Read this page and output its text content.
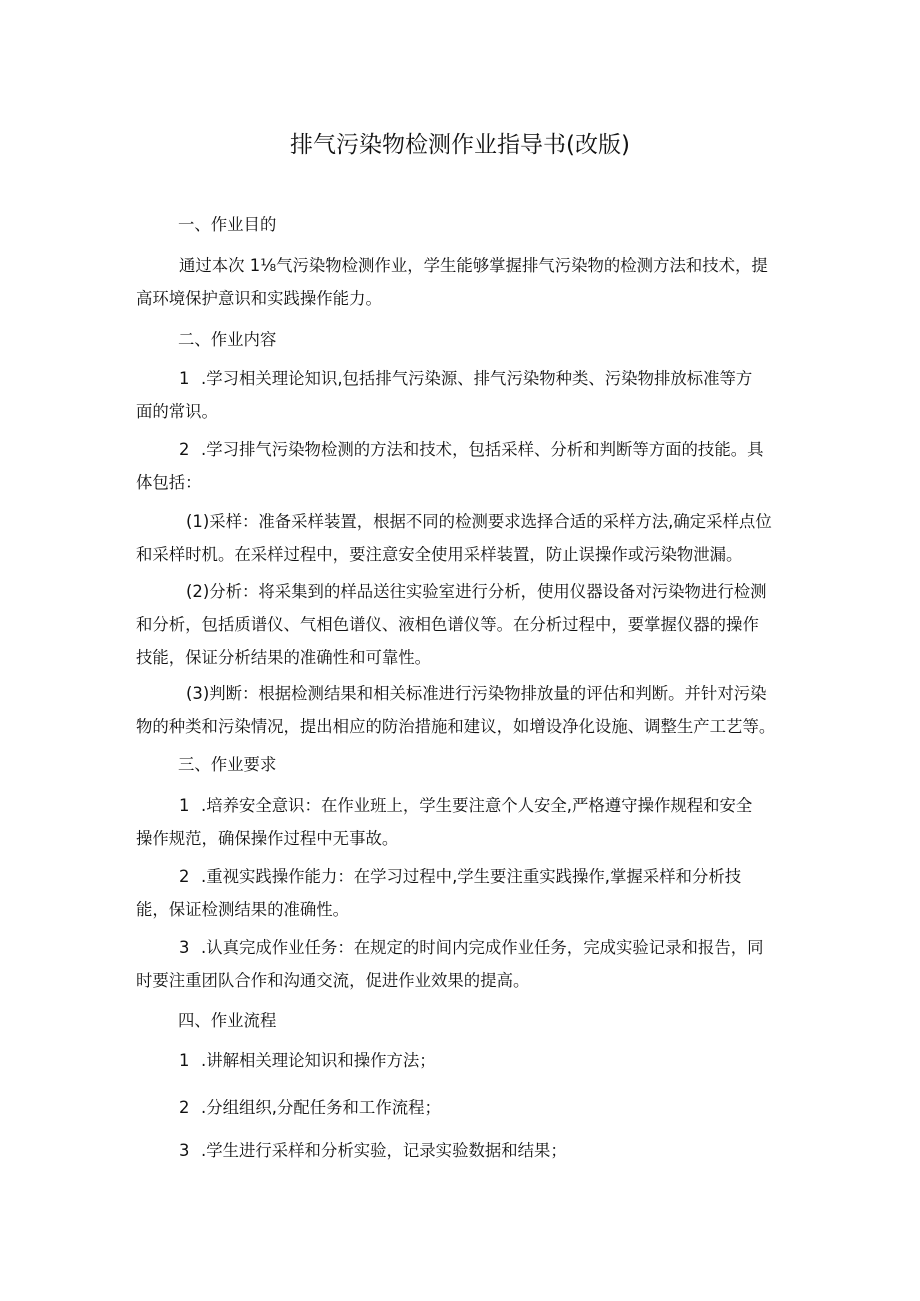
排气污染物检测作业指导书(改版)
一、作业目的

通过本次 1⅛气污染物检测作业，学生能够掌握排气污染物的检测方法和技术，提

高环境保护意识和实践操作能力。

二、作业内容

1 .学习相关理论知识,包括排气污染源、排气污染物种类、污染物排放标准等方

面的常识。

2 .学习排气污染物检测的方法和技术，包括采样、分析和判断等方面的技能。具

体包括：

(1)采样：准备采样装置，根据不同的检测要求选择合适的采样方法,确定采样点位

和采样时机。在采样过程中，要注意安全使用采样装置，防止误操作或污染物泄漏。

(2)分析：将采集到的样品送往实验室进行分析，使用仪器设备对污染物进行检测

和分析，包括质谱仪、气相色谱仪、液相色谱仪等。在分析过程中，要掌握仪器的操作

技能，保证分析结果的准确性和可靠性。

(3)判断：根据检测结果和相关标准进行污染物排放量的评估和判断。并针对污染

物的种类和污染情况，提出相应的防治措施和建议，如增设净化设施、调整生产工艺等。

三、作业要求

1 .培养安全意识：在作业班上，学生要注意个人安全,严格遵守操作规程和安全

操作规范，确保操作过程中无事故。

2 .重视实践操作能力：在学习过程中,学生要注重实践操作,掌握采样和分析技

能，保证检测结果的准确性。

3 .认真完成作业任务：在规定的时间内完成作业任务，完成实验记录和报告，同

时要注重团队合作和沟通交流，促进作业效果的提高。

四、作业流程

1 .讲解相关理论知识和操作方法；

2 .分组组织,分配任务和工作流程；

3 .学生进行采样和分析实验，记录实验数据和结果；
